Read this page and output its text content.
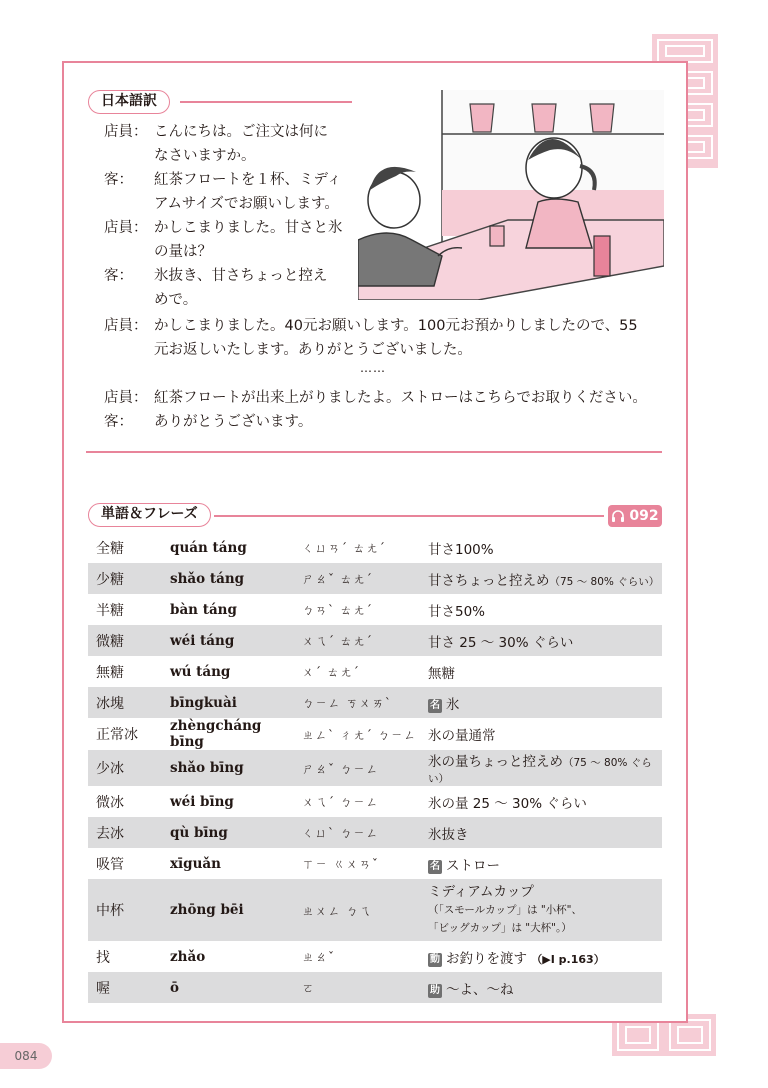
日本語訳
店員： こんにちは。ご注文は何に
なさいますか。
客：	紅茶フロートを１杯、ミディ
アムサイズでお願いします。
店員： かしこまりました。甘さと氷
の量は？
客：	氷抜き、甘さちょっと控え
めで。
店員： かしこまりました。40元お願いします。100元お預かりしましたので、55
元お返しいたします。ありがとうございました。
……
店員： 紅茶フロートが出来上がりましたよ。ストローはこちらでお取りください。
客：	ありがとうございます。
単語＆フレーズ	092
全糖	quán táng	ㄑㄩㄢˊ ㄊㄤˊ	甘さ100%
少糖	shǎo táng	ㄕㄠˇ ㄊㄤˊ	甘さちょっと控えめ（75 ～ 80% ぐらい）
半糖	bàn táng	ㄅㄢˋ ㄊㄤˊ	甘さ50%
微糖	wéi táng	ㄨㄟˊ ㄊㄤˊ	甘さ 25 ～ 30% ぐらい
無糖	wú táng	ㄨˊ ㄊㄤˊ	無糖
冰塊	bīngkuài	ㄅㄧㄥ ㄎㄨㄞˋ	名 氷
正常冰	zhèngcháng bīng	ㄓㄥˋ ㄔㄤˊ ㄅㄧㄥ	氷の量通常
少冰	shǎo bīng	ㄕㄠˇ ㄅㄧㄥ	氷の量ちょっと控えめ（75 ～ 80% ぐらい）
微冰	wéi bīng	ㄨㄟˊ ㄅㄧㄥ	氷の量 25 ～ 30% ぐらい
去冰	qù bīng	ㄑㄩˋ ㄅㄧㄥ	氷抜き
吸管	xīguǎn	ㄒㄧ ㄍㄨㄢˇ	名 ストロー
中杯	zhōng bēi	ㄓㄨㄥ ㄅㄟ	ミディアムカップ
（「スモールカップ」は "小杯"、
「ビッグカップ」は "大杯"。）
找	zhǎo	ㄓㄠˇ	動 お釣りを渡す （▶Ⅰ p.163）
喔	ō	ㄛ	助 ～よ、～ね
084
